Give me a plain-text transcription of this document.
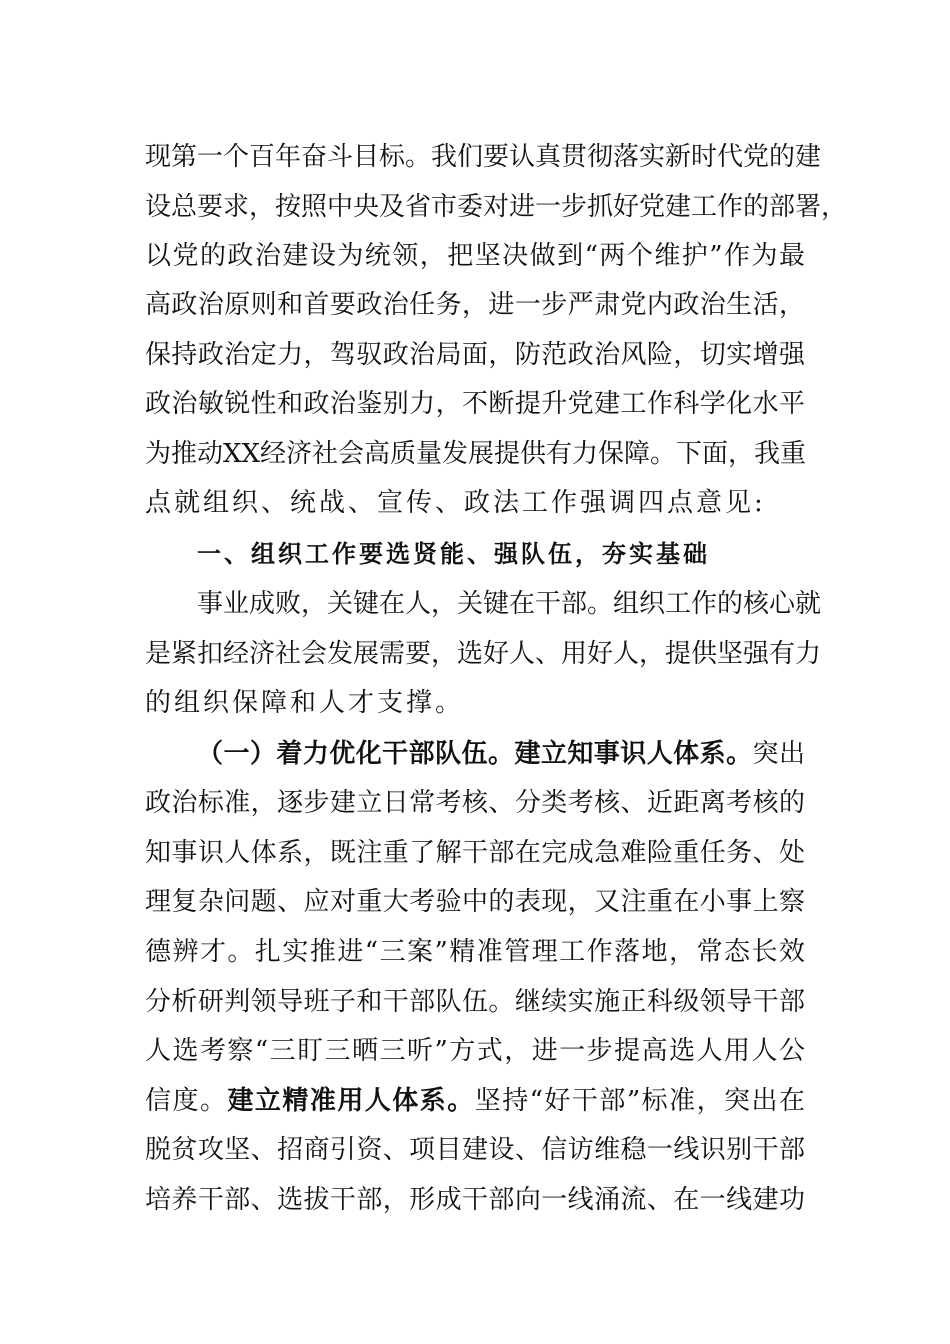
现第一个百年奋斗目标。我们要认真贯彻落实新时代党的建
设总要求，按照中央及省市委对进一步抓好党建工作的部署，
以党的政治建设为统领，把坚决做到“两个维护”作为最
高政治原则和首要政治任务，进一步严肃党内政治生活，
保持政治定力，驾驭政治局面，防范政治风险，切实增强
政治敏锐性和政治鉴别力，不断提升党建工作科学化水平
为推动XX经济社会高质量发展提供有力保障。下面，我重
点就组织、统战、宣传、政法工作强调四点意见:
一、组织工作要选贤能、强队伍，夯实基础
事业成败，关键在人，关键在干部。组织工作的核心就
是紧扣经济社会发展需要，选好人、用好人，提供坚强有力
的组织保障和人才支撑。
（一）着力优化干部队伍。建立知事识人体系。突出
政治标准，逐步建立日常考核、分类考核、近距离考核的
知事识人体系，既注重了解干部在完成急难险重任务、处
理复杂问题、应对重大考验中的表现，又注重在小事上察
德辨才。扎实推进“三案”精准管理工作落地，常态长效
分析研判领导班子和干部队伍。继续实施正科级领导干部
人选考察“三盯三晒三听”方式，进一步提高选人用人公
信度。建立精准用人体系。坚持“好干部”标准，突出在
脱贫攻坚、招商引资、项目建设、信访维稳一线识别干部
培养干部、选拔干部，形成干部向一线涌流、在一线建功
